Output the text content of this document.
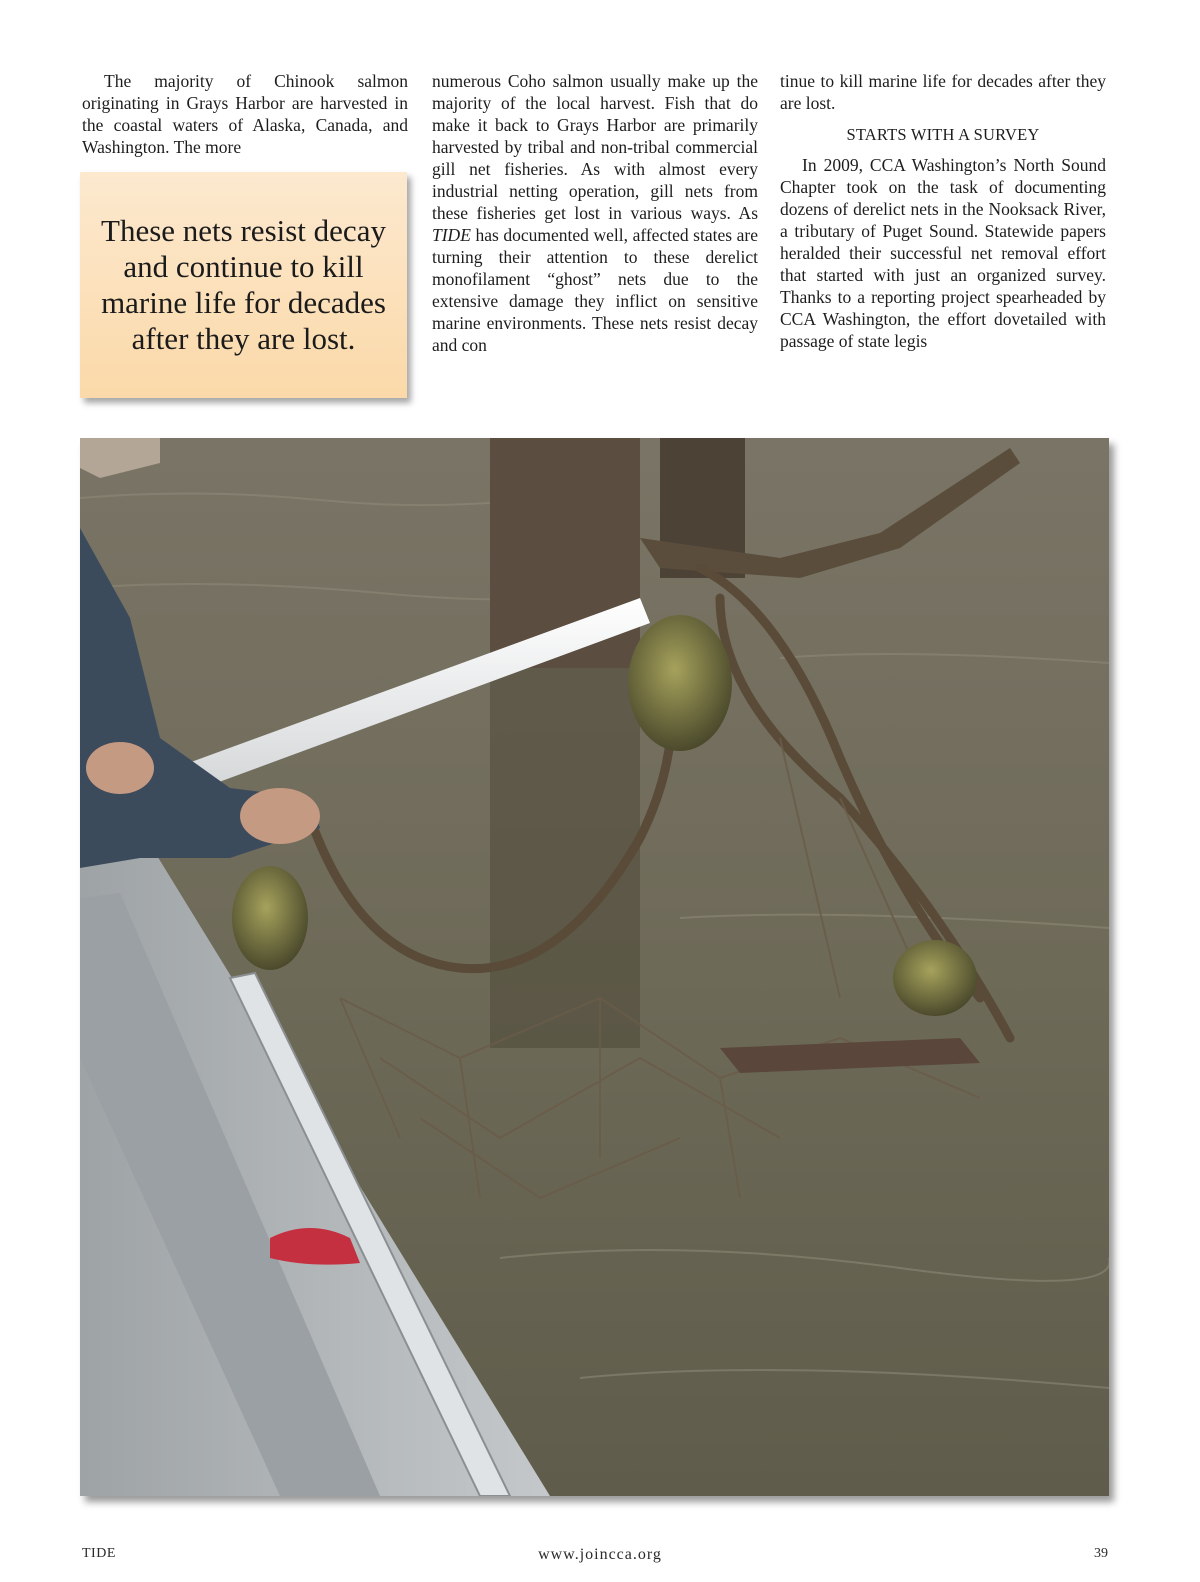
The majority of Chinook salmon originating in Grays Harbor are harvested in the coastal waters of Alaska, Canada, and Washington. The more

These nets resist decay and continue to kill marine life for decades after they are lost.

numerous Coho salmon usually make up the majority of the local harvest. Fish that do make it back to Grays Harbor are primarily harvested by tribal and non-tribal commercial gill net fisheries. As with almost every industrial netting operation, gill nets from these fisheries get lost in various ways. As TIDE has documented well, affected states are turning their attention to these derelict monofilament “ghost” nets due to the extensive damage they inflict on sensitive marine environments. These nets resist decay and con

tinue to kill marine life for decades after they are lost.

STARTS WITH A SURVEY

In 2009, CCA Washington’s North Sound Chapter took on the task of documenting dozens of derelict nets in the Nooksack River, a tributary of Puget Sound. Statewide papers heralded their successful net removal effort that started with just an organized survey. Thanks to a reporting project spearheaded by CCA Washington, the effort dovetailed with passage of state legis

TIDE	www.joincca.org	39
